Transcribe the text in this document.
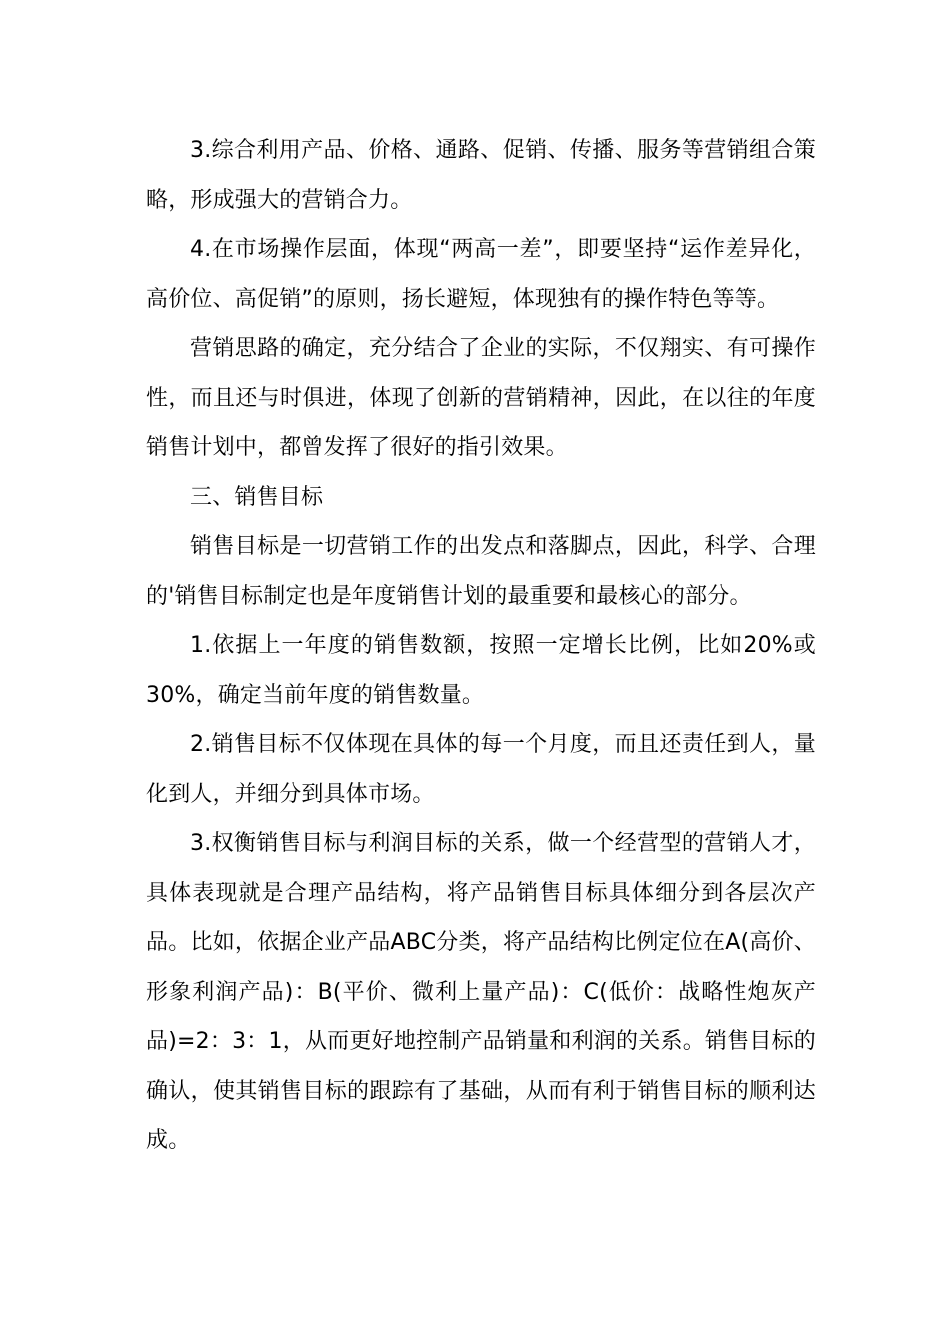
3.综合利用产品、价格、通路、促销、传播、服务等营销组合策略，形成强大的营销合力。

4.在市场操作层面，体现“两高一差”，即要坚持“运作差异化，高价位、高促销”的原则，扬长避短，体现独有的操作特色等等。

营销思路的确定，充分结合了企业的实际，不仅翔实、有可操作性，而且还与时俱进，体现了创新的营销精神，因此，在以往的年度销售计划中，都曾发挥了很好的指引效果。

三、销售目标

销售目标是一切营销工作的出发点和落脚点，因此，科学、合理的'销售目标制定也是年度销售计划的最重要和最核心的部分。

1.依据上一年度的销售数额，按照一定增长比例，比如20%或30%，确定当前年度的销售数量。

2.销售目标不仅体现在具体的每一个月度，而且还责任到人，量化到人，并细分到具体市场。

3.权衡销售目标与利润目标的关系，做一个经营型的营销人才，具体表现就是合理产品结构，将产品销售目标具体细分到各层次产品。比如，依据企业产品ABC分类，将产品结构比例定位在A(高价、形象利润产品)：B(平价、微利上量产品)：C(低价：战略性炮灰产品)=2：3：1，从而更好地控制产品销量和利润的关系。销售目标的确认，使其销售目标的跟踪有了基础，从而有利于销售目标的顺利达成。
